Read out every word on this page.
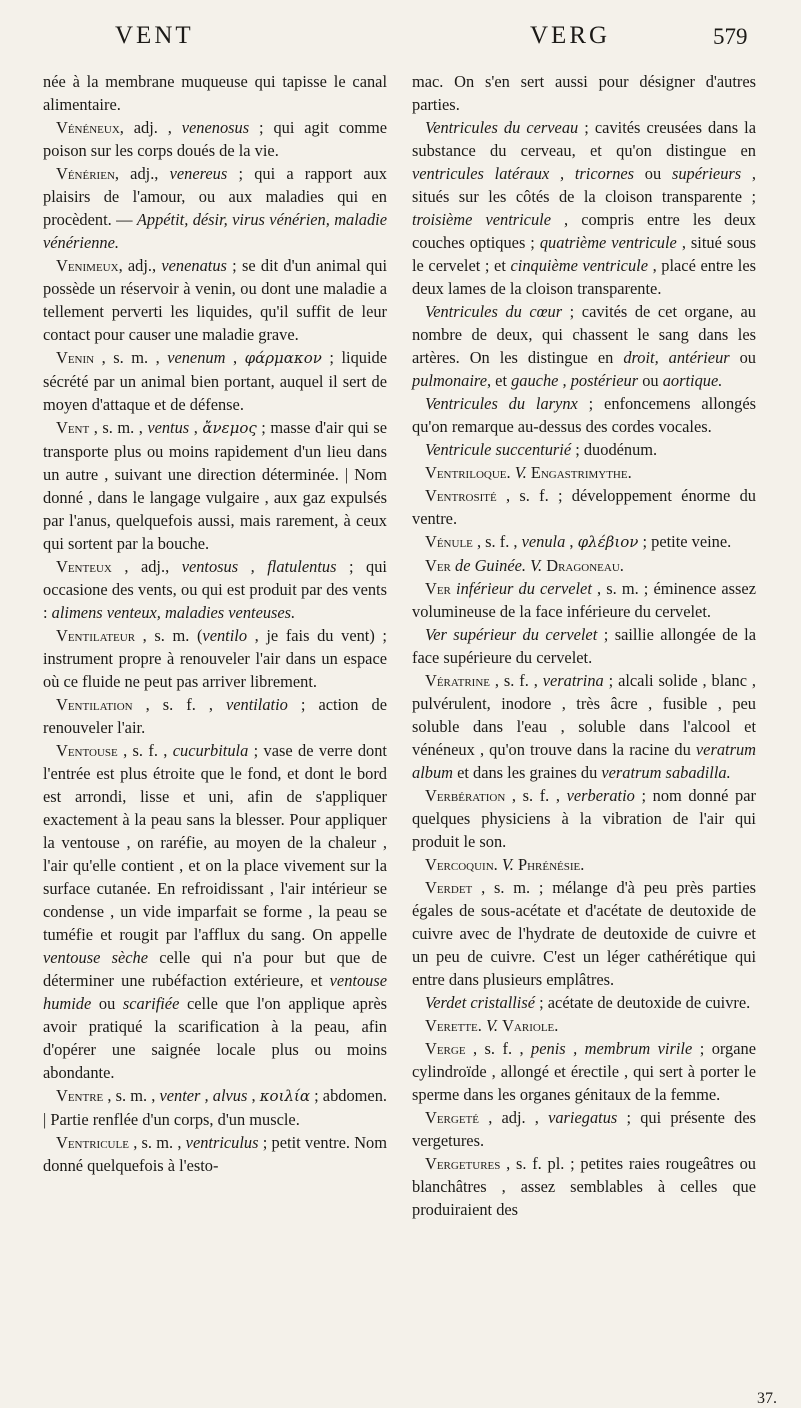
VENT	VERG	579

née à la membrane muqueuse qui tapisse le canal alimentaire.

Vénéneux, adj. , venenosus ; qui agit comme poison sur les corps doués de la vie.

Vénérien, adj., venereus ; qui a rapport aux plaisirs de l'amour, ou aux maladies qui en procèdent. — Appétit, désir, virus vénérien, maladie vénérienne.

Venimeux, adj., venenatus ; se dit d'un animal qui possède un réservoir à venin, ou dont une maladie a tellement perverti les liquides, qu'il suffit de leur contact pour causer une maladie grave.

Venin , s. m. , venenum , φάρμακον ; liquide sécrété par un animal bien portant, auquel il sert de moyen d'attaque et de défense.

Vent , s. m. , ventus , ἄνεμος ; masse d'air qui se transporte plus ou moins rapidement d'un lieu dans un autre , suivant une direction déterminée. | Nom donné , dans le langage vulgaire , aux gaz expulsés par l'anus, quelquefois aussi, mais rarement, à ceux qui sortent par la bouche.

Venteux , adj., ventosus , flatulentus ; qui occasione des vents, ou qui est produit par des vents : alimens venteux, maladies venteuses.

Ventilateur , s. m. (ventilo , je fais du vent) ; instrument propre à renouveler l'air dans un espace où ce fluide ne peut pas arriver librement.

Ventilation , s. f. , ventilatio ; action de renouveler l'air.

Ventouse , s. f. , cucurbitula ; vase de verre dont l'entrée est plus étroite que le fond, et dont le bord est arrondi, lisse et uni, afin de s'appliquer exactement à la peau sans la blesser. Pour appliquer la ventouse , on raréfie, au moyen de la chaleur , l'air qu'elle contient , et on la place vivement sur la surface cutanée. En refroidissant , l'air intérieur se condense , un vide imparfait se forme , la peau se tuméfie et rougit par l'afflux du sang. On appelle ventouse sèche celle qui n'a pour but que de déterminer une rubéfaction extérieure, et ventouse humide ou scarifiée celle que l'on applique après avoir pratiqué la scarification à la peau, afin d'opérer une saignée locale plus ou moins abondante.

Ventre , s. m. , venter , alvus , κοιλία ; abdomen. | Partie renflée d'un corps, d'un muscle.

Ventricule , s. m. , ventriculus ; petit ventre. Nom donné quelquefois à l'esto-

mac. On s'en sert aussi pour désigner d'autres parties.

Ventricules du cerveau ; cavités creusées dans la substance du cerveau, et qu'on distingue en ventricules latéraux , tricornes ou supérieurs , situés sur les côtés de la cloison transparente ; troisième ventricule , compris entre les deux couches optiques ; quatrième ventricule , situé sous le cervelet ; et cinquième ventricule , placé entre les deux lames de la cloison transparente.

Ventricules du cœur ; cavités de cet organe, au nombre de deux, qui chassent le sang dans les artères. On les distingue en droit, antérieur ou pulmonaire, et gauche , postérieur ou aortique.

Ventricules du larynx ; enfoncemens allongés qu'on remarque au-dessus des cordes vocales.

Ventricule succenturié ; duodénum.

Ventriloque. V. Engastrimythe.

Ventrosité , s. f. ; développement énorme du ventre.

Vénule , s. f. , venula , φλέβιον ; petite veine.

Ver de Guinée. V. Dragoneau.

Ver inférieur du cervelet , s. m. ; éminence assez volumineuse de la face inférieure du cervelet.

Ver supérieur du cervelet ; saillie allongée de la face supérieure du cervelet.

Vératrine , s. f. , veratrina ; alcali solide , blanc , pulvérulent, inodore , très âcre , fusible , peu soluble dans l'eau , soluble dans l'alcool et vénéneux , qu'on trouve dans la racine du veratrum album et dans les graines du veratrum sabadilla.

Verbération , s. f. , verberatio ; nom donné par quelques physiciens à la vibration de l'air qui produit le son.

Vercoquin. V. Phrénésie.

Verdet , s. m. ; mélange d'à peu près parties égales de sous-acétate et d'acétate de deutoxide de cuivre avec de l'hydrate de deutoxide de cuivre et un peu de cuivre. C'est un léger cathérétique qui entre dans plusieurs emplâtres.

Verdet cristallisé ; acétate de deutoxide de cuivre.

Verette. V. Variole.

Verge , s. f. , penis , membrum virile ; organe cylindroïde , allongé et érectile , qui sert à porter le sperme dans les organes génitaux de la femme.

Vergeté , adj. , variegatus ; qui présente des vergetures.

Vergetures , s. f. pl. ; petites raies rougeâtres ou blanchâtres , assez semblables à celles que produiraient des

37.
